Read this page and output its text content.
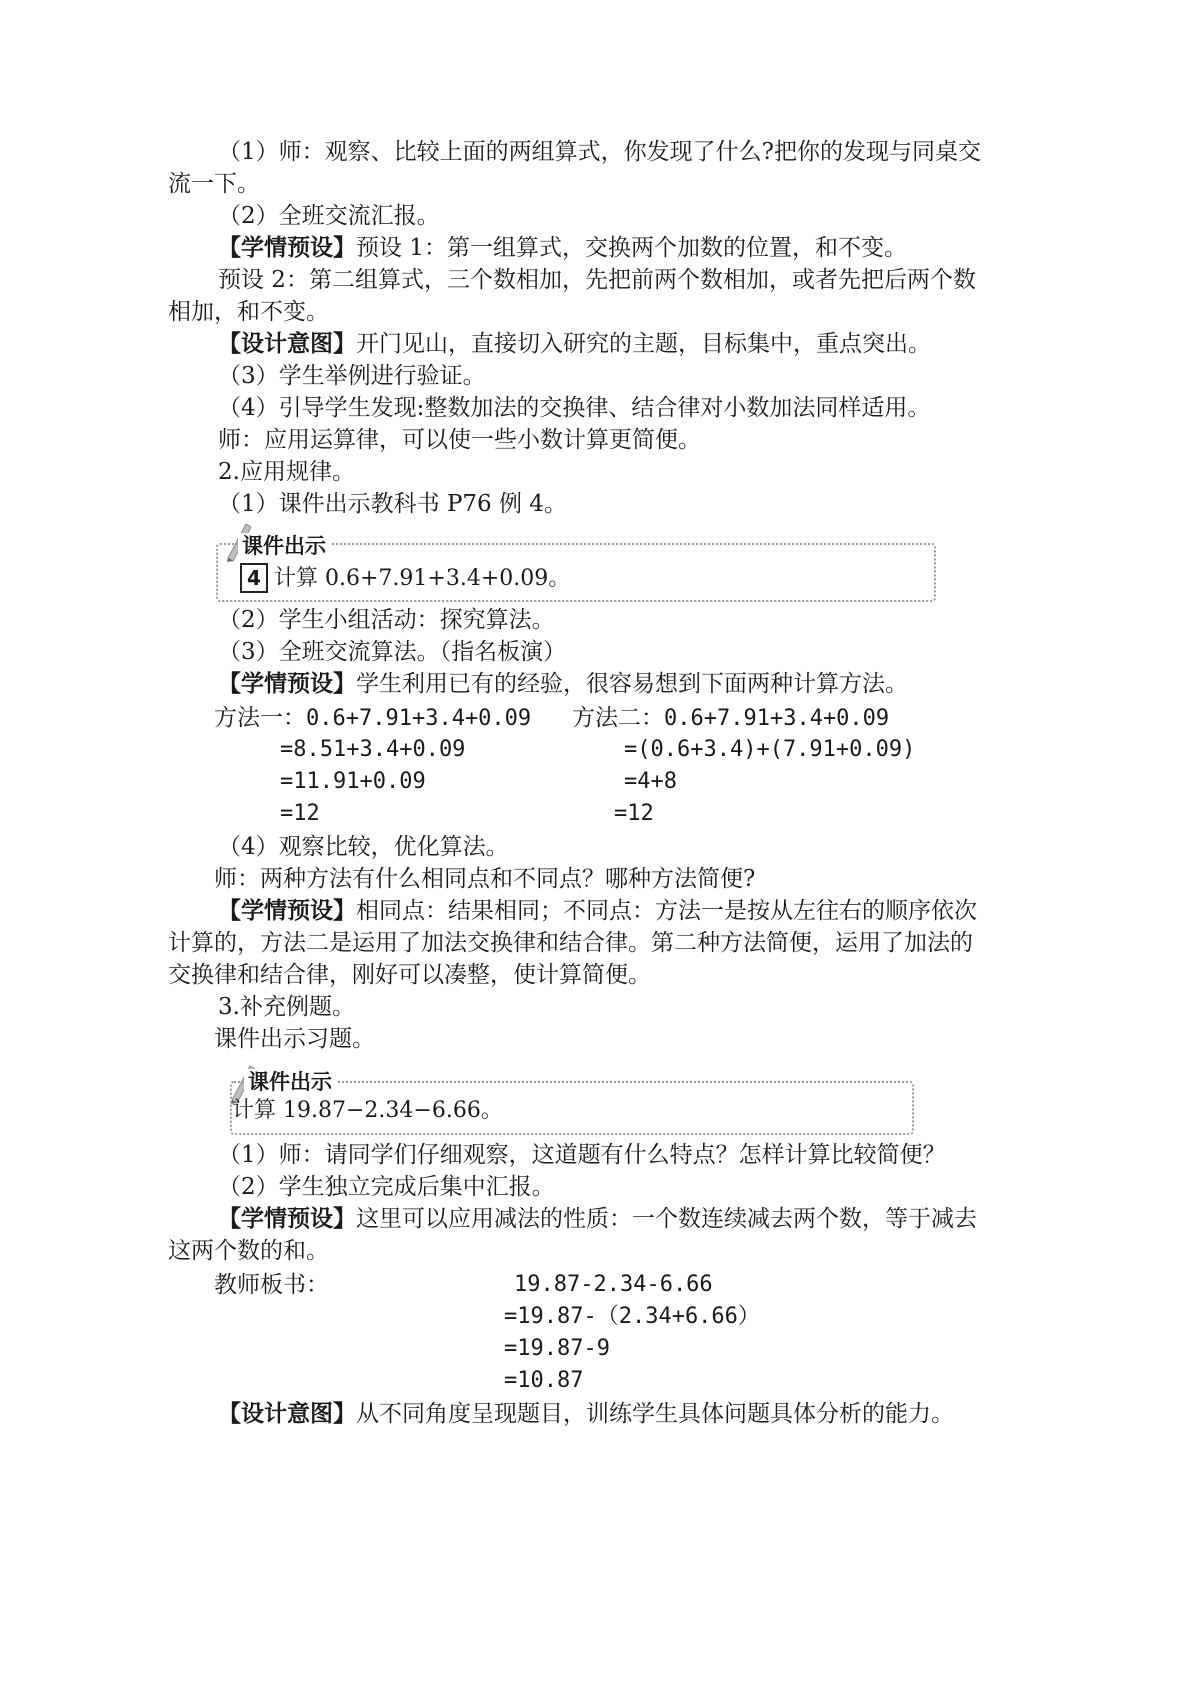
（1）师：观察、比较上面的两组算式，你发现了什么?把你的发现与同桌交
流一下。
（2）全班交流汇报。
【学情预设】预设 1：第一组算式，交换两个加数的位置，和不变。
预设 2：第二组算式，三个数相加，先把前两个数相加，或者先把后两个数
相加，和不变。
【设计意图】开门见山，直接切入研究的主题，目标集中，重点突出。
（3）学生举例进行验证。
（4）引导学生发现:整数加法的交换律、结合律对小数加法同样适用。
师：应用运算律，可以使一些小数计算更简便。
2.应用规律。
（1）课件出示教科书 P76 例 4。
课件出示
4 计算 0.6+7.91+3.4+0.09。
（2）学生小组活动：探究算法。
（3）全班交流算法。（指名板演）
【学情预设】学生利用已有的经验，很容易想到下面两种计算方法。
方法一：0.6+7.91+3.4+0.09
=8.51+3.4+0.09
=11.91+0.09
=12
方法二：0.6+7.91+3.4+0.09
=(0.6+3.4)+(7.91+0.09)
=4+8
=12
（4）观察比较，优化算法。
师：两种方法有什么相同点和不同点？哪种方法简便?
【学情预设】相同点：结果相同；不同点：方法一是按从左往右的顺序依次
计算的，方法二是运用了加法交换律和结合律。第二种方法简便，运用了加法的
交换律和结合律，刚好可以凑整，使计算简便。
3.补充例题。
课件出示习题。
课件出示
计算 19.87−2.34−6.66。
（1）师：请同学们仔细观察，这道题有什么特点？怎样计算比较简便？
（2）学生独立完成后集中汇报。
【学情预设】这里可以应用减法的性质：一个数连续减去两个数，等于减去
这两个数的和。
教师板书：	19.87-2.34-6.66
=19.87-（2.34+6.66）
=19.87-9
=10.87
【设计意图】从不同角度呈现题目，训练学生具体问题具体分析的能力。
